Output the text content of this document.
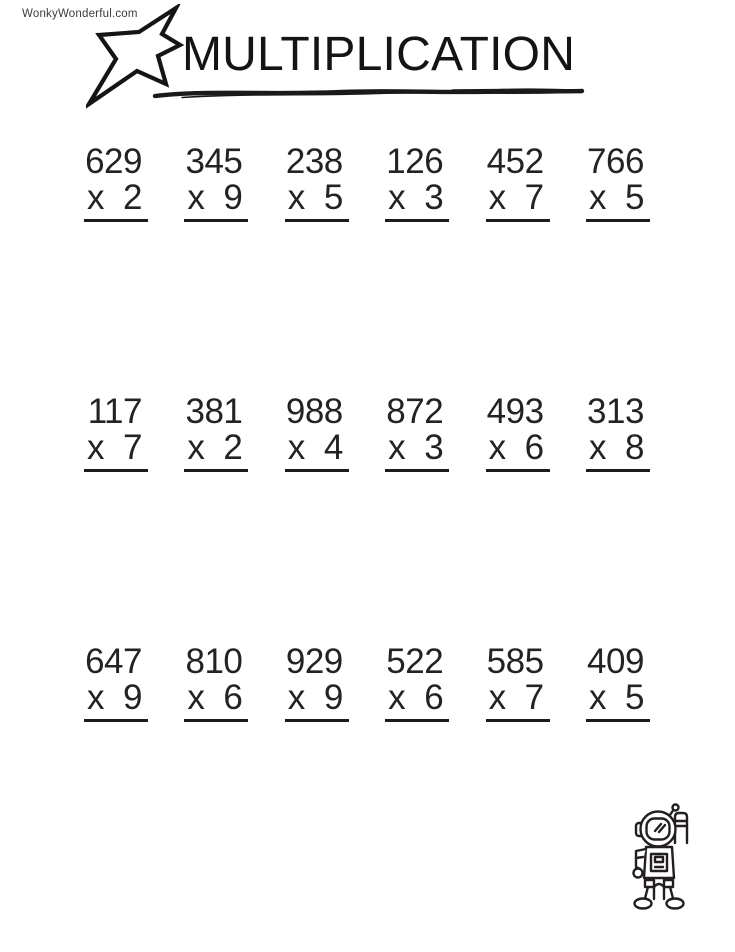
WonkyWonderful.com
MULTIPLICATION
629
x 2
345
x 9
238
x 5
126
x 3
452
x 7
766
x 5
117
x 7
381
x 2
988
x 4
872
x 3
493
x 6
313
x 8
647
x 9
810
x 6
929
x 9
522
x 6
585
x 7
409
x 5
